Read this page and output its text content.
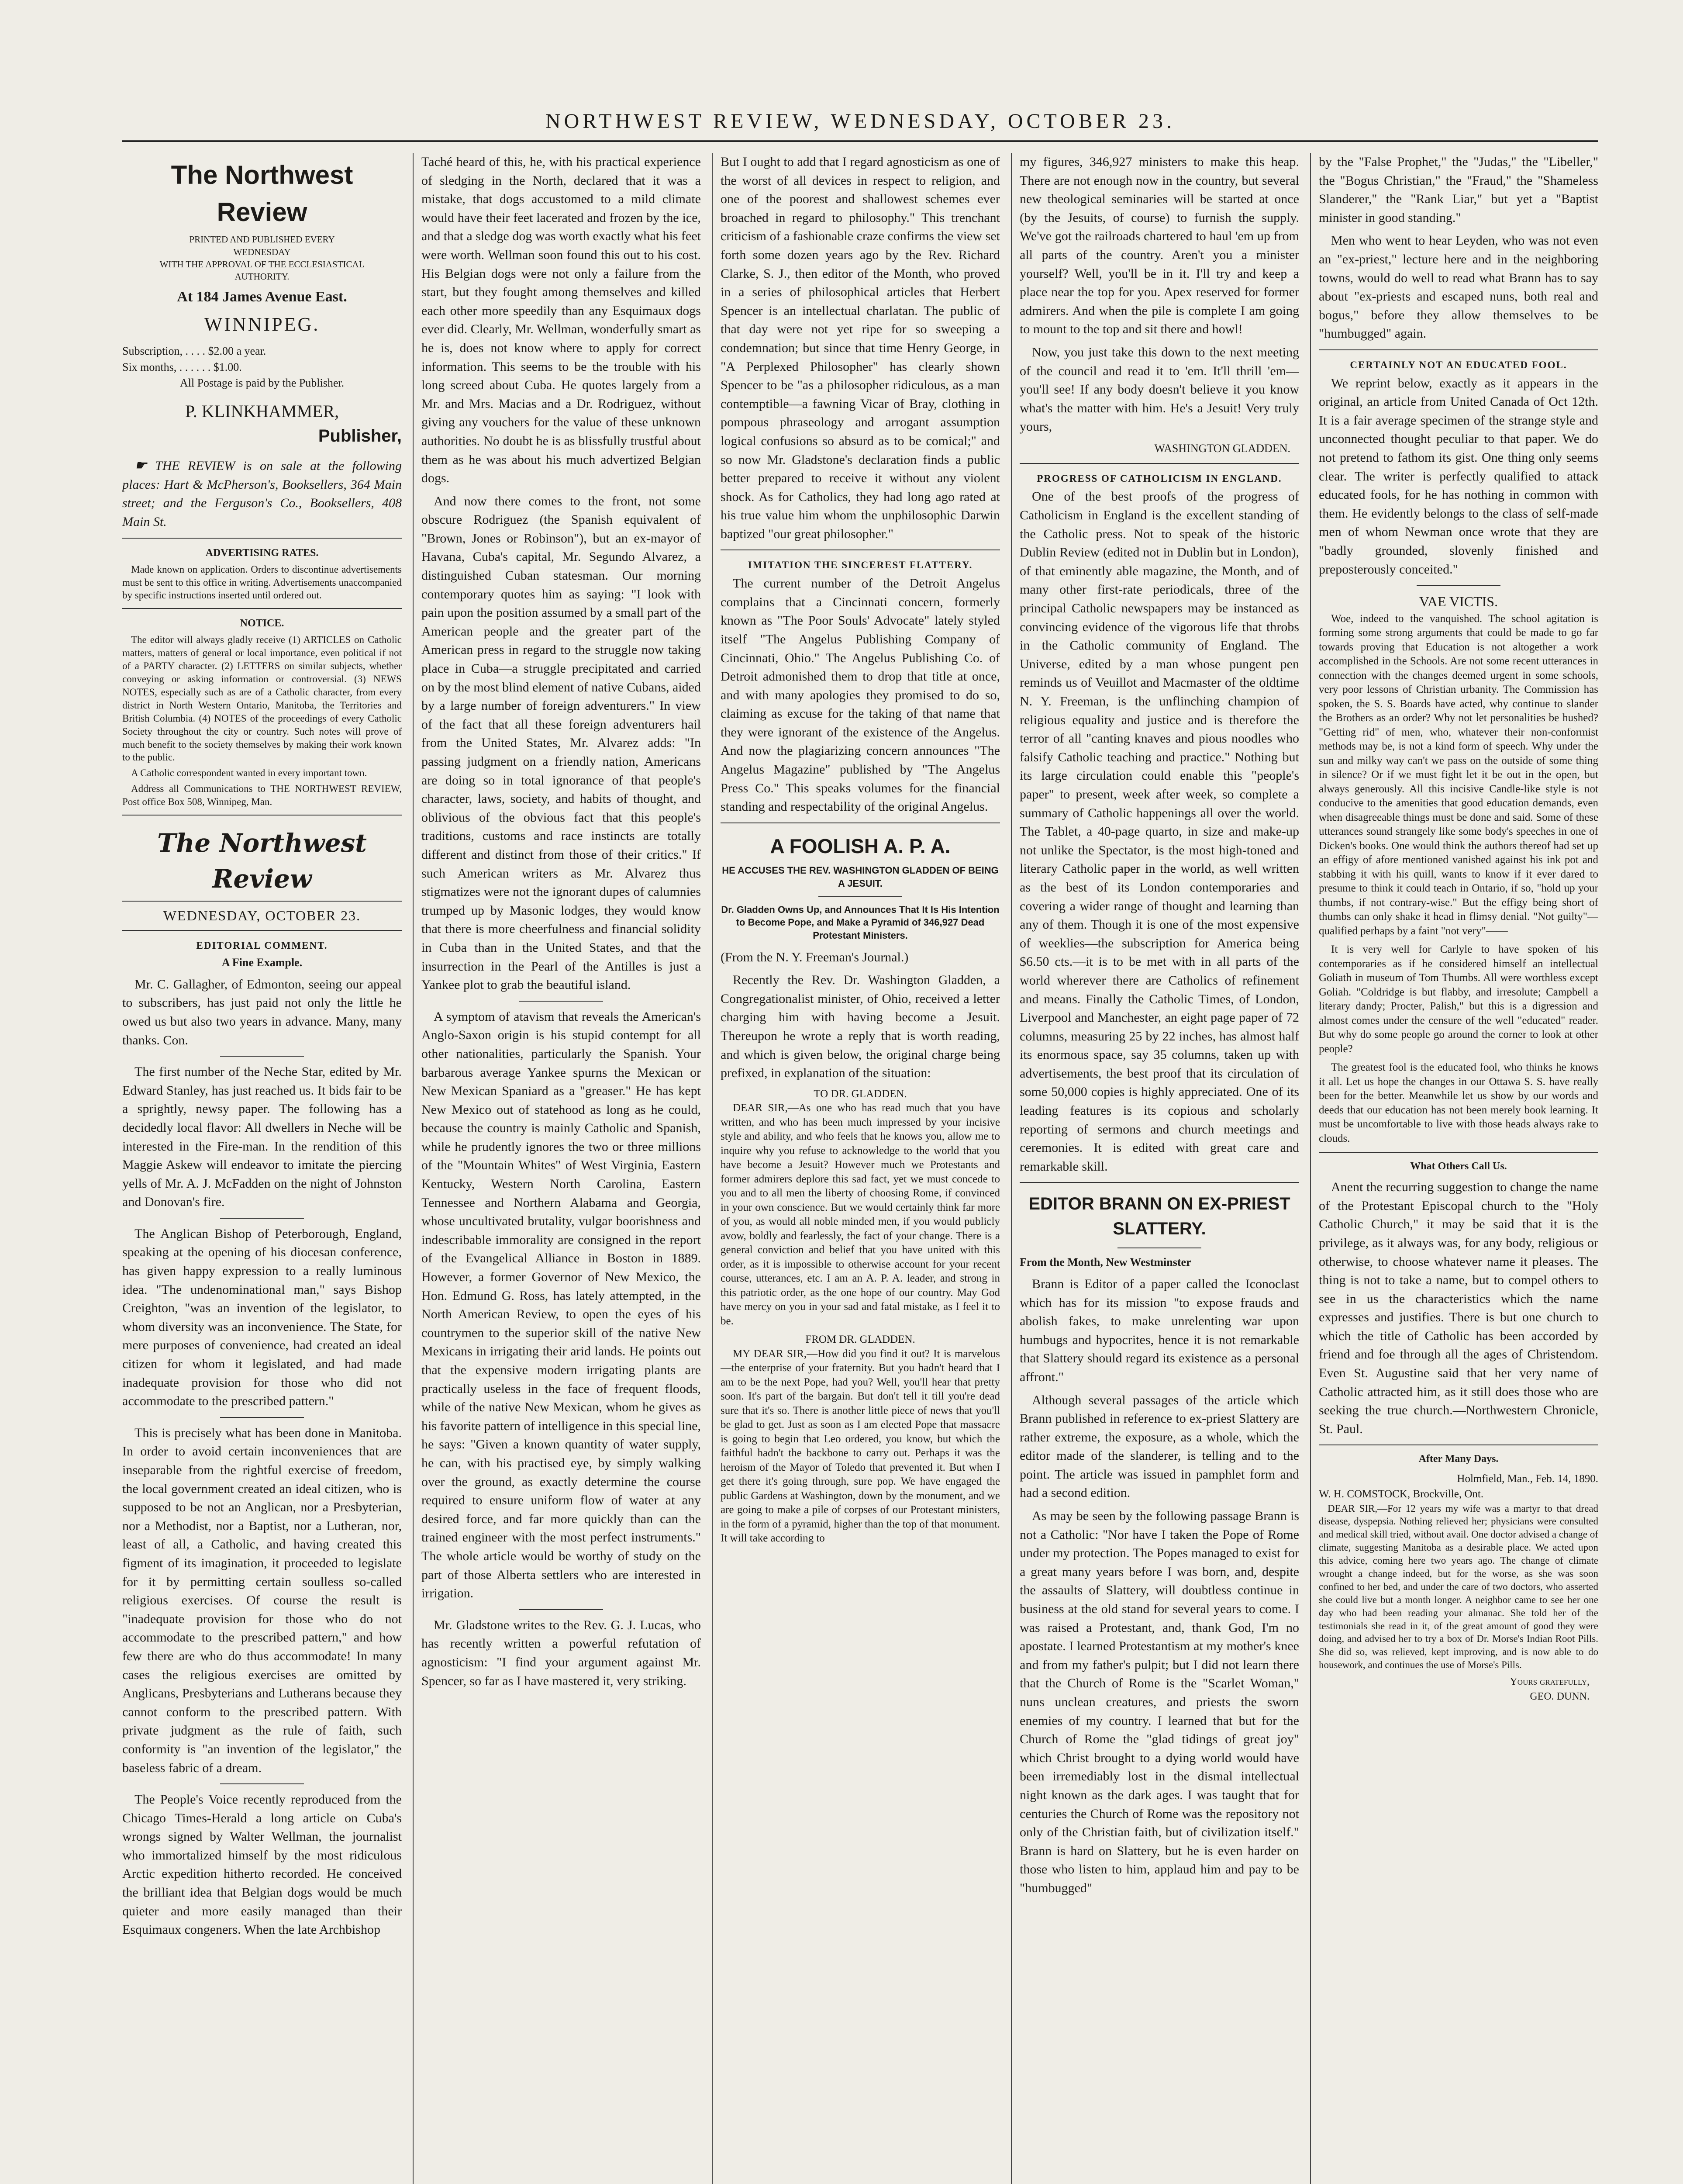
NORTHWEST REVIEW, WEDNESDAY, OCTOBER 23.
The Northwest Review
PRINTED AND PUBLISHED EVERY
WEDNESDAY
WITH THE APPROVAL OF THE ECCLESIASTICAL
AUTHORITY.
At 184 James Avenue East.
WINNIPEG.
Subscription, . . . . $2.00 a year.
Six months, . . . . . . $1.00.
All Postage is paid by the Publisher.
P. KLINKHAMMER,
Publisher,

☛ THE REVIEW is on sale at the following places: Hart & McPherson's, Booksellers, 364 Main street; and the Ferguson's Co., Booksellers, 408 Main St.

ADVERTISING RATES.

Made known on application. Orders to discontinue advertisements must be sent to this office in writing. Advertisements unaccompanied by specific instructions inserted until ordered out.

NOTICE.

The editor will always gladly receive (1) ARTICLES on Catholic matters, matters of general or local importance, even political if not of a PARTY character. (2) LETTERS on similar subjects, whether conveying or asking information or controversial. (3) NEWS NOTES, especially such as are of a Catholic character, from every district in North Western Ontario, Manitoba, the Territories and British Columbia. (4) NOTES of the proceedings of every Catholic Society throughout the city or country. Such notes will prove of much benefit to the society themselves by making their work known to the public.

A Catholic correspondent wanted in every important town.

Address all Communications to THE NORTHWEST REVIEW, Post office Box 508, Winnipeg, Man.

The Northwest Review
WEDNESDAY, OCTOBER 23.
EDITORIAL COMMENT.
A Fine Example.

Mr. C. Gallagher, of Edmonton, seeing our appeal to subscribers, has just paid not only the little he owed us but also two years in advance. Many, many thanks. Con.

The first number of the Neche Star, edited by Mr. Edward Stanley, has just reached us. It bids fair to be a sprightly, newsy paper. The following has a decidedly local flavor: All dwellers in Neche will be interested in the Fire-man. In the rendition of this Maggie Askew will endeavor to imitate the piercing yells of Mr. A. J. McFadden on the night of Johnston and Donovan's fire.

The Anglican Bishop of Peterborough, England, speaking at the opening of his diocesan conference, has given happy expression to a really luminous idea. "The undenominational man," says Bishop Creighton, "was an invention of the legislator, to whom diversity was an inconvenience. The State, for mere purposes of convenience, had created an ideal citizen for whom it legislated, and had made inadequate provision for those who did not accommodate to the prescribed pattern."

This is precisely what has been done in Manitoba. In order to avoid certain inconveniences that are inseparable from the rightful exercise of freedom, the local government created an ideal citizen, who is supposed to be not an Anglican, nor a Presbyterian, nor a Methodist, nor a Baptist, nor a Lutheran, nor, least of all, a Catholic, and having created this figment of its imagination, it proceeded to legislate for it by permitting certain soulless so-called religious exercises. Of course the result is "inadequate provision for those who do not accommodate to the prescribed pattern," and how few there are who do thus accommodate! In many cases the religious exercises are omitted by Anglicans, Presbyterians and Lutherans because they cannot conform to the prescribed pattern. With private judgment as the rule of faith, such conformity is "an invention of the legislator," the baseless fabric of a dream.

The People's Voice recently reproduced from the Chicago Times-Herald a long article on Cuba's wrongs signed by Walter Wellman, the journalist who immortalized himself by the most ridiculous Arctic expedition hitherto recorded. He conceived the brilliant idea that Belgian dogs would be much quieter and more easily managed than their Esquimaux congeners. When the late Archbishop

Taché heard of this, he, with his practical experience of sledging in the North, declared that it was a mistake, that dogs accustomed to a mild climate would have their feet lacerated and frozen by the ice, and that a sledge dog was worth exactly what his feet were worth. Wellman soon found this out to his cost. His Belgian dogs were not only a failure from the start, but they fought among themselves and killed each other more speedily than any Esquimaux dogs ever did. Clearly, Mr. Wellman, wonderfully smart as he is, does not know where to apply for correct information. This seems to be the trouble with his long screed about Cuba. He quotes largely from a Mr. and Mrs. Macias and a Dr. Rodriguez, without giving any vouchers for the value of these unknown authorities. No doubt he is as blissfully trustful about them as he was about his much advertized Belgian dogs.

And now there comes to the front, not some obscure Rodriguez (the Spanish equivalent of "Brown, Jones or Robinson"), but an ex-mayor of Havana, Cuba's capital, Mr. Segundo Alvarez, a distinguished Cuban statesman. Our morning contemporary quotes him as saying: "I look with pain upon the position assumed by a small part of the American people and the greater part of the American press in regard to the struggle now taking place in Cuba—a struggle precipitated and carried on by the most blind element of native Cubans, aided by a large number of foreign adventurers." In view of the fact that all these foreign adventurers hail from the United States, Mr. Alvarez adds: "In passing judgment on a friendly nation, Americans are doing so in total ignorance of that people's character, laws, society, and habits of thought, and oblivious of the obvious fact that this people's traditions, customs and race instincts are totally different and distinct from those of their critics." If such American writers as Mr. Alvarez thus stigmatizes were not the ignorant dupes of calumnies trumped up by Masonic lodges, they would know that there is more cheerfulness and financial solidity in Cuba than in the United States, and that the insurrection in the Pearl of the Antilles is just a Yankee plot to grab the beautiful island.

A symptom of atavism that reveals the American's Anglo-Saxon origin is his stupid contempt for all other nationalities, particularly the Spanish. Your barbarous average Yankee spurns the Mexican or New Mexican Spaniard as a "greaser." He has kept New Mexico out of statehood as long as he could, because the country is mainly Catholic and Spanish, while he prudently ignores the two or three millions of the "Mountain Whites" of West Virginia, Eastern Kentucky, Western North Carolina, Eastern Tennessee and Northern Alabama and Georgia, whose uncultivated brutality, vulgar boorishness and indescribable immorality are consigned in the report of the Evangelical Alliance in Boston in 1889. However, a former Governor of New Mexico, the Hon. Edmund G. Ross, has lately attempted, in the North American Review, to open the eyes of his countrymen to the superior skill of the native New Mexicans in irrigating their arid lands. He points out that the expensive modern irrigating plants are practically useless in the face of frequent floods, while of the native New Mexican, whom he gives as his favorite pattern of intelligence in this special line, he says: "Given a known quantity of water supply, he can, with his practised eye, by simply walking over the ground, as exactly determine the course required to ensure uniform flow of water at any desired force, and far more quickly than can the trained engineer with the most perfect instruments." The whole article would be worthy of study on the part of those Alberta settlers who are interested in irrigation.

Mr. Gladstone writes to the Rev. G. J. Lucas, who has recently written a powerful refutation of agnosticism: "I find your argument against Mr. Spencer, so far as I have mastered it, very striking.

But I ought to add that I regard agnosticism as one of the worst of all devices in respect to religion, and one of the poorest and shallowest schemes ever broached in regard to philosophy." This trenchant criticism of a fashionable craze confirms the view set forth some dozen years ago by the Rev. Richard Clarke, S. J., then editor of the Month, who proved in a series of philosophical articles that Herbert Spencer is an intellectual charlatan. The public of that day were not yet ripe for so sweeping a condemnation; but since that time Henry George, in "A Perplexed Philosopher" has clearly shown Spencer to be "as a philosopher ridiculous, as a man contemptible—a fawning Vicar of Bray, clothing in pompous phraseology and arrogant assumption logical confusions so absurd as to be comical;" and so now Mr. Gladstone's declaration finds a public better prepared to receive it without any violent shock. As for Catholics, they had long ago rated at his true value him whom the unphilosophic Darwin baptized "our great philosopher."

IMITATION THE SINCEREST FLATTERY.

The current number of the Detroit Angelus complains that a Cincinnati concern, formerly known as "The Poor Souls' Advocate" lately styled itself "The Angelus Publishing Company of Cincinnati, Ohio." The Angelus Publishing Co. of Detroit admonished them to drop that title at once, and with many apologies they promised to do so, claiming as excuse for the taking of that name that they were ignorant of the existence of the Angelus. And now the plagiarizing concern announces "The Angelus Magazine" published by "The Angelus Press Co." This speaks volumes for the financial standing and respectability of the original Angelus.

A FOOLISH A. P. A.
HE ACCUSES THE REV. WASHINGTON GLADDEN OF BEING A JESUIT.
Dr. Gladden Owns Up, and Announces That It Is His Intention to Become Pope, and Make a Pyramid of 346,927 Dead Protestant Ministers.

(From the N. Y. Freeman's Journal.)

Recently the Rev. Dr. Washington Gladden, a Congregationalist minister, of Ohio, received a letter charging him with having become a Jesuit. Thereupon he wrote a reply that is worth reading, and which is given below, the original charge being prefixed, in explanation of the situation:

TO DR. GLADDEN.

DEAR SIR,—As one who has read much that you have written, and who has been much impressed by your incisive style and ability, and who feels that he knows you, allow me to inquire why you refuse to acknowledge to the world that you have become a Jesuit? However much we Protestants and former admirers deplore this sad fact, yet we must concede to you and to all men the liberty of choosing Rome, if convinced in your own conscience. But we would certainly think far more of you, as would all noble minded men, if you would publicly avow, boldly and fearlessly, the fact of your change. There is a general conviction and belief that you have united with this order, as it is impossible to otherwise account for your recent course, utterances, etc. I am an A. P. A. leader, and strong in this patriotic order, as the one hope of our country. May God have mercy on you in your sad and fatal mistake, as I feel it to be.

FROM DR. GLADDEN.

MY DEAR SIR,—How did you find it out? It is marvelous—the enterprise of your fraternity. But you hadn't heard that I am to be the next Pope, had you? Well, you'll hear that pretty soon. It's part of the bargain. But don't tell it till you're dead sure that it's so. There is another little piece of news that you'll be glad to get. Just as soon as I am elected Pope that massacre is going to begin that Leo ordered, you know, but which the faithful hadn't the backbone to carry out. Perhaps it was the heroism of the Mayor of Toledo that prevented it. But when I get there it's going through, sure pop. We have engaged the public Gardens at Washington, down by the monument, and we are going to make a pile of corpses of our Protestant ministers, in the form of a pyramid, higher than the top of that monument. It will take according to

my figures, 346,927 ministers to make this heap. There are not enough now in the country, but several new theological seminaries will be started at once (by the Jesuits, of course) to furnish the supply. We've got the railroads chartered to haul 'em up from all parts of the country. Aren't you a minister yourself? Well, you'll be in it. I'll try and keep a place near the top for you. Apex reserved for former admirers. And when the pile is complete I am going to mount to the top and sit there and howl!

Now, you just take this down to the next meeting of the council and read it to 'em. It'll thrill 'em—you'll see! If any body doesn't believe it you know what's the matter with him. He's a Jesuit! Very truly yours,

WASHINGTON GLADDEN.
PROGRESS OF CATHOLICISM IN ENGLAND.

One of the best proofs of the progress of Catholicism in England is the excellent standing of the Catholic press. Not to speak of the historic Dublin Review (edited not in Dublin but in London), of that eminently able magazine, the Month, and of many other first-rate periodicals, three of the principal Catholic newspapers may be instanced as convincing evidence of the vigorous life that throbs in the Catholic community of England. The Universe, edited by a man whose pungent pen reminds us of Veuillot and Macmaster of the oldtime N. Y. Freeman, is the unflinching champion of religious equality and justice and is therefore the terror of all "canting knaves and pious noodles who falsify Catholic teaching and practice." Nothing but its large circulation could enable this "people's paper" to present, week after week, so complete a summary of Catholic happenings all over the world. The Tablet, a 40-page quarto, in size and make-up not unlike the Spectator, is the most high-toned and literary Catholic paper in the world, as well written as the best of its London contemporaries and covering a wider range of thought and learning than any of them. Though it is one of the most expensive of weeklies—the subscription for America being $6.50 cts.—it is to be met with in all parts of the world wherever there are Catholics of refinement and means. Finally the Catholic Times, of London, Liverpool and Manchester, an eight page paper of 72 columns, measuring 25 by 22 inches, has almost half its enormous space, say 35 columns, taken up with advertisements, the best proof that its circulation of some 50,000 copies is highly appreciated. One of its leading features is its copious and scholarly reporting of sermons and church meetings and ceremonies. It is edited with great care and remarkable skill.

EDITOR BRANN ON EX-PRIEST SLATTERY.

From the Month, New Westminster

Brann is Editor of a paper called the Iconoclast which has for its mission "to expose frauds and abolish fakes, to make unrelenting war upon humbugs and hypocrites, hence it is not remarkable that Slattery should regard its existence as a personal affront."

Although several passages of the article which Brann published in reference to ex-priest Slattery are rather extreme, the exposure, as a whole, which the editor made of the slanderer, is telling and to the point. The article was issued in pamphlet form and had a second edition.

As may be seen by the following passage Brann is not a Catholic: "Nor have I taken the Pope of Rome under my protection. The Popes managed to exist for a great many years before I was born, and, despite the assaults of Slattery, will doubtless continue in business at the old stand for several years to come. I was raised a Protestant, and, thank God, I'm no apostate. I learned Protestantism at my mother's knee and from my father's pulpit; but I did not learn there that the Church of Rome is the "Scarlet Woman," nuns unclean creatures, and priests the sworn enemies of my country. I learned that but for the Church of Rome the "glad tidings of great joy" which Christ brought to a dying world would have been irremediably lost in the dismal intellectual night known as the dark ages. I was taught that for centuries the Church of Rome was the repository not only of the Christian faith, but of civilization itself." Brann is hard on Slattery, but he is even harder on those who listen to him, applaud him and pay to be "humbugged"

by the "False Prophet," the "Judas," the "Libeller," the "Bogus Christian," the "Fraud," the "Shameless Slanderer," the "Rank Liar," but yet a "Baptist minister in good standing."

Men who went to hear Leyden, who was not even an "ex-priest," lecture here and in the neighboring towns, would do well to read what Brann has to say about "ex-priests and escaped nuns, both real and bogus," before they allow themselves to be "humbugged" again.

CERTAINLY NOT AN EDUCATED FOOL.

We reprint below, exactly as it appears in the original, an article from United Canada of Oct 12th. It is a fair average specimen of the strange style and unconnected thought peculiar to that paper. We do not pretend to fathom its gist. One thing only seems clear. The writer is perfectly qualified to attack educated fools, for he has nothing in common with them. He evidently belongs to the class of self-made men of whom Newman once wrote that they are "badly grounded, slovenly finished and preposterously conceited."

VAE VICTIS.

Woe, indeed to the vanquished. The school agitation is forming some strong arguments that could be made to go far towards proving that Education is not altogether a work accomplished in the Schools. Are not some recent utterances in connection with the changes deemed urgent in some schools, very poor lessons of Christian urbanity. The Commission has spoken, the S. S. Boards have acted, why continue to slander the Brothers as an order? Why not let personalities be hushed? "Getting rid" of men, who, whatever their non-conformist methods may be, is not a kind form of speech. Why under the sun and milky way can't we pass on the outside of some thing in silence? Or if we must fight let it be out in the open, but always generously. All this incisive Candle-like style is not conducive to the amenities that good education demands, even when disagreeable things must be done and said. Some of these utterances sound strangely like some body's speeches in one of Dicken's books. One would think the authors thereof had set up an effigy of afore mentioned vanished against his ink pot and stabbing it with his quill, wants to know if it ever dared to presume to think it could teach in Ontario, if so, "hold up your thumbs, if not contrary-wise." But the effigy being short of thumbs can only shake it head in flimsy denial. "Not guilty"—qualified perhaps by a faint "not very"——

It is very well for Carlyle to have spoken of his contemporaries as if he considered himself an intellectual Goliath in museum of Tom Thumbs. All were worthless except Goliah. "Coldridge is but flabby, and irresolute; Campbell a literary dandy; Procter, Palish," but this is a digression and almost comes under the censure of the well "educated" reader. But why do some people go around the corner to look at other people?

The greatest fool is the educated fool, who thinks he knows it all. Let us hope the changes in our Ottawa S. S. have really been for the better. Meanwhile let us show by our words and deeds that our education has not been merely book learning. It must be uncomfortable to live with those heads always rake to clouds.

What Others Call Us.

Anent the recurring suggestion to change the name of the Protestant Episcopal church to the "Holy Catholic Church," it may be said that it is the privilege, as it always was, for any body, religious or otherwise, to choose whatever name it pleases. The thing is not to take a name, but to compel others to see in us the characteristics which the name expresses and justifies. There is but one church to which the title of Catholic has been accorded by friend and foe through all the ages of Christendom. Even St. Augustine said that her very name of Catholic attracted him, as it still does those who are seeking the true church.—Northwestern Chronicle, St. Paul.

After Many Days.
Holmfield, Man., Feb. 14, 1890.
W. H. COMSTOCK, Brockville, Ont.

DEAR SIR,—For 12 years my wife was a martyr to that dread disease, dyspepsia. Nothing relieved her; physicians were consulted and medical skill tried, without avail. One doctor advised a change of climate, suggesting Manitoba as a desirable place. We acted upon this advice, coming here two years ago. The change of climate wrought a change indeed, but for the worse, as she was soon confined to her bed, and under the care of two doctors, who asserted she could live but a month longer. A neighbor came to see her one day who had been reading your almanac. She told her of the testimonials she read in it, of the great amount of good they were doing, and advised her to try a box of Dr. Morse's Indian Root Pills. She did so, was relieved, kept improving, and is now able to do housework, and continues the use of Morse's Pills.

Yours gratefully,
GEO. DUNN.
